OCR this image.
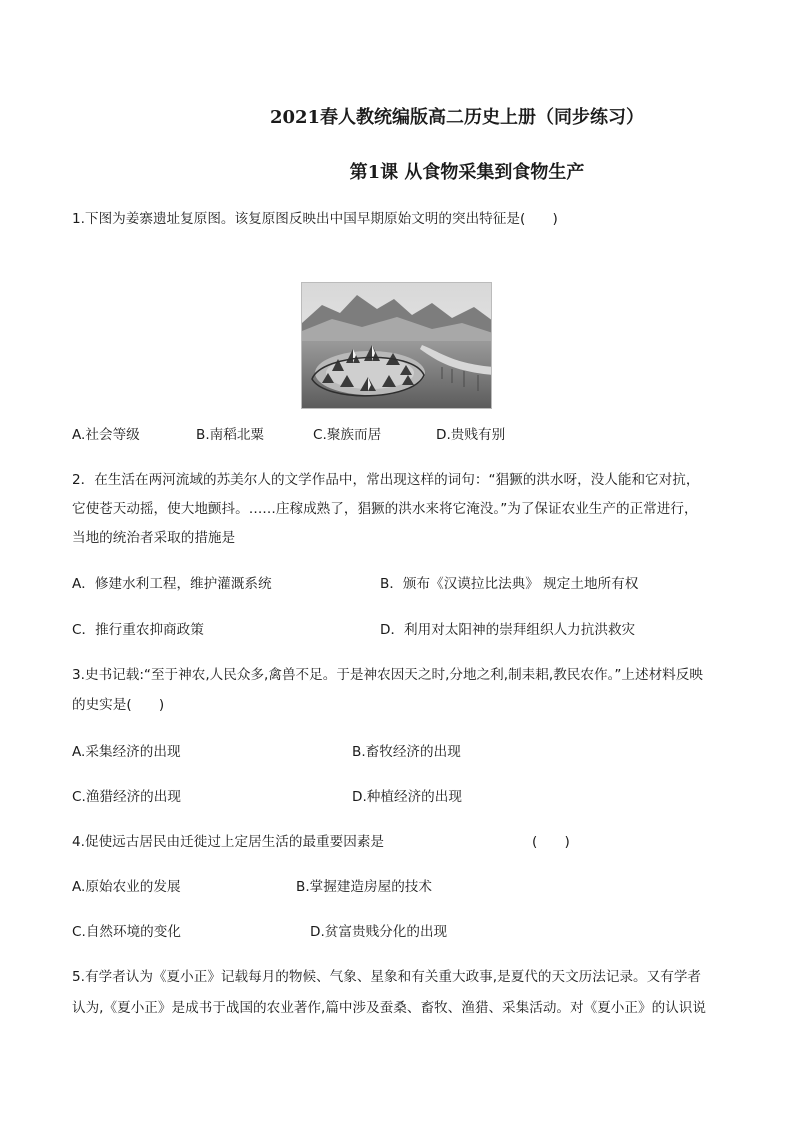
2021春人教统编版高二历史上册（同步练习）
第1课 从食物采集到食物生产
1.下图为姜寨遗址复原图。该复原图反映出中国早期原始文明的突出特征是(　　)
A.社会等级	B.南稻北粟	C.聚族而居	D.贵贱有别
2．在生活在两河流域的苏美尔人的文学作品中，常出现这样的词句：“猖獗的洪水呀，没人能和它对抗，
它使苍天动摇，使大地颤抖。……庄稼成熟了，猖獗的洪水来将它淹没。”为了保证农业生产的正常进行，
当地的统治者采取的措施是
A．修建水利工程，维护灌溉系统	B．颁布《汉谟拉比法典》 规定土地所有权
C．推行重农抑商政策	D．利用对太阳神的崇拜组织人力抗洪救灾
3.史书记载:“至于神农,人民众多,禽兽不足。于是神农因天之时,分地之利,制耒耜,教民农作。”上述材料反映
的史实是(　　)
A.采集经济的出现	B.畜牧经济的出现
C.渔猎经济的出现	D.种植经济的出现
4.促使远古居民由迁徙过上定居生活的最重要因素是	(　　)
A.原始农业的发展	B.掌握建造房屋的技术
C.自然环境的变化	D.贫富贵贱分化的出现
5.有学者认为《夏小正》记载每月的物候、气象、星象和有关重大政事,是夏代的天文历法记录。又有学者
认为,《夏小正》是成书于战国的农业著作,篇中涉及蚕桑、畜牧、渔猎、采集活动。对《夏小正》的认识说
